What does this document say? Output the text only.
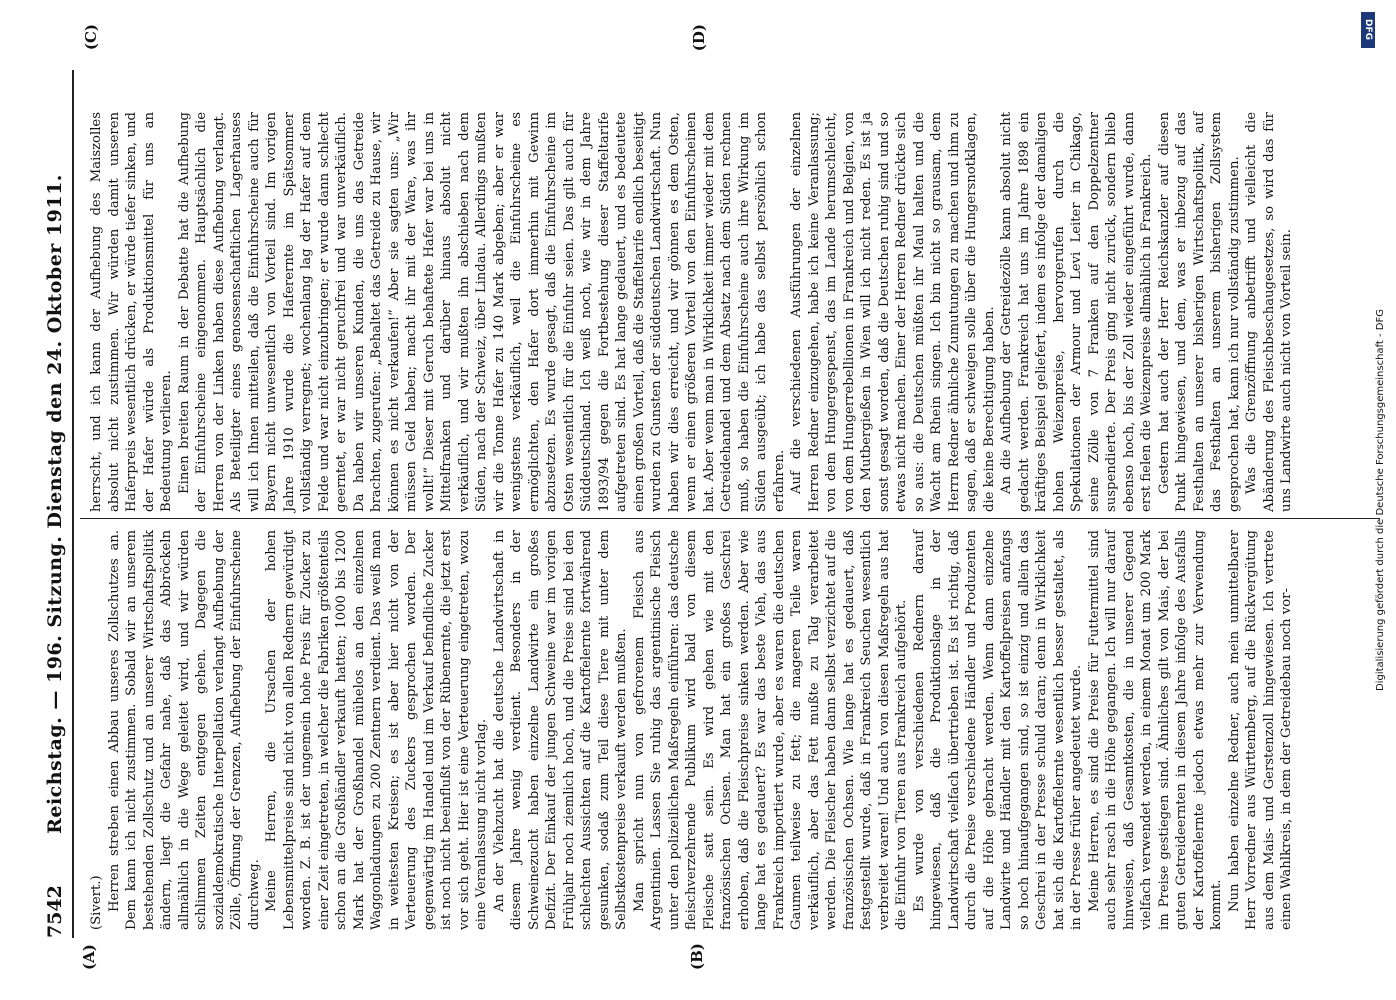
7542
Reichstag. — 196. Sitzung. Dienstag den 24. Oktober 1911.
(A)	(B)
(C)	(D)

(Sivert.) Herren streben einen Abbau unseres Zollschutzes an. Dem kann ich nicht zustimmen. Sobald wir an unserem bestehenden Zollschutz und an unserer Wirtschaftspolitik ändern, liegt die Gefahr nahe, daß das Abbröckeln allmählich in die Wege geleitet wird, und wir würden schlimmen Zeiten entgegen gehen. Dagegen die sozialdemokratische Interpellation verlangt Aufhebung der Zölle, Öffnung der Grenzen, Aufhebung der Einfuhrscheine durchweg. Meine Herren, die Ursachen der hohen Lebensmittelpreise sind nicht von allen Rednern gewürdigt worden. Z. B. ist der ungemein hohe Preis für Zucker zu einer Zeit eingetreten, in welcher die Fabriken größtenteils schon an die Großhändler verkauft hatten; 1000 bis 1200 Mark hat der Großhandel mühelos an den einzelnen Waggonladungen zu 200 Zentnern verdient. Das weiß man in weitesten Kreisen; es ist aber hier nicht von der Verteuerung des Zuckers gesprochen worden. Der gegenwärtig im Handel und im Verkauf befindliche Zucker ist noch nicht beeinflußt von der Rübenernte, die jetzt erst vor sich geht. Hier ist eine Verteuerung eingetreten, wozu eine Veranlassung nicht vorlag. An der Viehzucht hat die deutsche Landwirtschaft in diesem Jahre wenig verdient. Besonders in der Schweinezucht haben einzelne Landwirte ein großes Defizit. Der Einkauf der jungen Schweine war im vorigen Frühjahr noch ziemlich hoch, und die Preise sind bei den schlechten Aussichten auf die Kartoffelernte fortwährend gesunken, sodaß zum Teil diese Tiere mit unter dem Selbstkostenpreise verkauft werden mußten. Man spricht nun von gefrorenem Fleisch aus Argentinien. Lassen Sie ruhig das argentinische Fleisch unter den polizeilichen Maßregeln einführen: das deutsche fleischverzehrende Publikum wird bald von diesem Fleische satt sein. Es wird gehen wie mit den französischen Ochsen. Man hat ein großes Geschrei erhoben, daß die Fleischpreise sinken werden. Aber wie lange hat es gedauert? Es war das beste Vieh, das aus Frankreich importiert wurde, aber es waren die deutschen Gaumen teilweise zu fett; die mageren Teile waren verkäuflich, aber das Fett mußte zu Talg verarbeitet werden. Die Fleischer haben dann selbst verzichtet auf die französischen Ochsen. Wie lange hat es gedauert, daß festgestellt wurde, daß in Frankreich Seuchen wesentlich verbreitet waren! Und auch von diesen Maßregeln aus hat die Einfuhr von Tieren aus Frankreich aufgehört. Es wurde von verschiedenen Rednern darauf hingewiesen, daß die Produktionslage in der Landwirtschaft vielfach übertrieben ist. Es ist richtig, daß durch die Preise verschiedene Händler und Produzenten auf die Höhe gebracht werden. Wenn dann einzelne Landwirte und Händler mit den Kartoffelpreisen anfangs so hoch hinaufgegangen sind, so ist einzig und allein das Geschrei in der Presse schuld daran; denn in Wirklichkeit hat sich die Kartoffelernte wesentlich besser gestaltet, als in der Presse früher angedeutet wurde. Meine Herren, es sind die Preise für Futtermittel sind auch sehr rasch in die Höhe gegangen. Ich will nur darauf hinweisen, daß Gesamtkosten, die in unserer Gegend vielfach verwendet werden, in einem Monat um 200 Mark im Preise gestiegen sind. Ähnliches gilt von Mais, der bei guten Getreideernten in diesem Jahre infolge des Ausfalls der Kartoffelernte jedoch etwas mehr zur Verwendung kommt. Nun haben einzelne Redner, auch mein unmittelbarer Herr Vorredner aus Württemberg, auf die Rückvergütung aus dem Mais- und Gerstenzoll hingewiesen. Ich vertrete einen Wahlkreis, in dem der Getreidebau noch vor-

herrscht, und ich kann der Aufhebung des Maiszolles absolut nicht zustimmen. Wir würden damit unseren Haferpreis wesentlich drücken, er würde tiefer sinken, und der Hafer würde als Produktionsmittel für uns an Bedeutung verlieren. Einen breiten Raum in der Debatte hat die Aufhebung der Einfuhrscheine eingenommen. Hauptsächlich die Herren von der Linken haben diese Aufhebung verlangt. Als Beteiligter eines genossenschaftlichen Lagerhauses will ich Ihnen mitteilen, daß die Einfuhrscheine auch für Bayern nicht unwesentlich von Vorteil sind. Im vorigen Jahre 1910 wurde die Haferernte im Spätsommer vollständig verregnet; wochenlang lag der Hafer auf dem Felde und war nicht einzubringen; er wurde dann schlecht geerntet, er war nicht geruchfrei und war unverkäuflich. Da haben wir unseren Kunden, die uns das Getreide brachten, zugerufen: „Behaltet das Getreide zu Hause, wir können es nicht verkaufen!“ Aber sie sagten uns: „Wir müssen Geld haben; macht ihr mit der Ware, was ihr wollt!“ Dieser mit Geruch behaftete Hafer war bei uns in Mittelfranken und darüber hinaus absolut nicht verkäuflich, und wir mußten ihn abschieben nach dem Süden, nach der Schweiz, über Lindau. Allerdings mußten wir die Tonne Hafer zu 140 Mark abgeben; aber er war wenigstens verkäuflich, weil die Einfuhrscheine es ermöglichten, den Hafer dort immerhin mit Gewinn abzusetzen. Es wurde gesagt, daß die Einfuhrscheine im Osten wesentlich für die Einfuhr seien. Das gilt auch für Süddeutschland. Ich weiß noch, wie wir in dem Jahre 1893/94 gegen die Fortbestehung dieser Staffeltarife aufgetreten sind. Es hat lange gedauert, und es bedeutete einen großen Vorteil, daß die Staffeltarife endlich beseitigt wurden zu Gunsten der süddeutschen Landwirtschaft. Nun haben wir dies erreicht, und wir gönnen es dem Osten, wenn er einen größeren Vorteil von den Einfuhrscheinen hat. Aber wenn man in Wirklichkeit immer wieder mit dem Getreidehandel und dem Absatz nach dem Süden rechnen muß, so haben die Einfuhrscheine auch ihre Wirkung im Süden ausgeübt; ich habe das selbst persönlich schon erfahren. Auf die verschiedenen Ausführungen der einzelnen Herren Redner einzugehen, habe ich keine Veranlassung; von dem Hungergespenst, das im Lande herumschleicht, von dem Hungerrebellionen in Frankreich und Belgien, von den Mutbergießen in Wien will ich nicht reden. Es ist ja sonst gesagt worden, daß die Deutschen ruhig sind und so etwas nicht machen. Einer der Herren Redner drückte sich so aus: die Deutschen müßten ihr Maul halten und die Wacht am Rhein singen. Ich bin nicht so grausam, dem Herrn Redner ähnliche Zumutungen zu machen und ihm zu sagen, daß er schweigen solle über die Hungersnotklagen, die keine Berechtigung haben. An die Aufhebung der Getreidezölle kann absolut nicht gedacht werden. Frankreich hat uns im Jahre 1898 ein kräftiges Beispiel geliefert, indem es infolge der damaligen hohen Weizenpreise, hervorgerufen durch die Spekulationen der Armour und Levi Leiter in Chikago, seine Zölle von 7 Franken auf den Doppelzentner suspendierte. Der Preis ging nicht zurück, sondern blieb ebenso hoch, bis der Zoll wieder eingeführt wurde, dann erst fielen die Weizenpreise allmählich in Frankreich. Gestern hat auch der Herr Reichskanzler auf diesen Punkt hingewiesen, und dem, was er inbezug auf das Festhalten an unserer bisherigen Wirtschaftspolitik, auf das Festhalten an unserem bisherigen Zollsystem gesprochen hat, kann ich nur vollständig zustimmen. Was die Grenzöffnung anbetrifft und vielleicht die Abänderung des Fleischbeschaugesetzes, so wird das für uns Landwirte auch nicht von Vorteil sein.

DFG
Digitalisierung gefördert durch die Deutsche Forschungsgemeinschaft - DFG
